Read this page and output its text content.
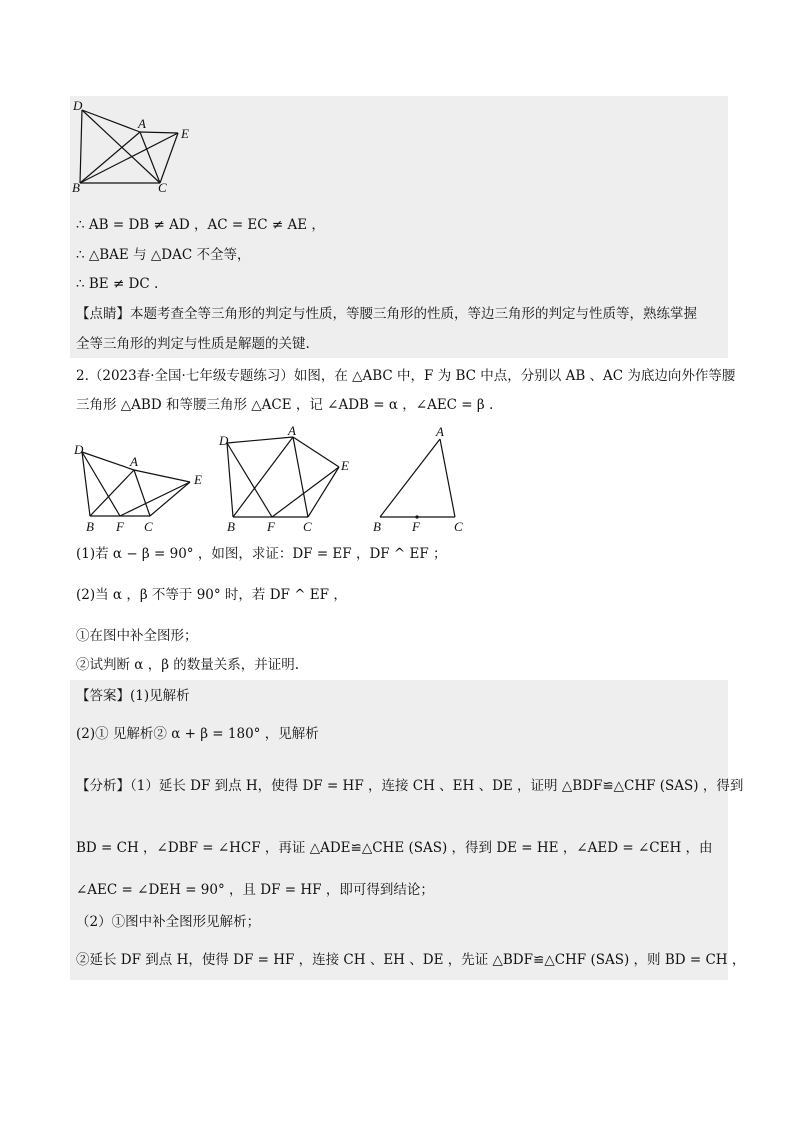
D
A
E
B	C
∴ AB = DB ≠ AD ，AC = EC ≠ AE ，
∴ △BAE 与 △DAC 不全等，
∴ BE ≠ DC .
【点睛】本题考查全等三角形的判定与性质，等腰三角形的性质，等边三角形的判定与性质等，熟练掌握
全等三角形的判定与性质是解题的关键.
2.（2023春·全国·七年级专题练习）如图，在 △ABC 中，F 为 BC 中点，分别以 AB 、AC 为底边向外作等腰
三角形 △ABD 和等腰三角形 △ACE ，记 ∠ADB = α ，∠AEC = β .
D
A
E
B F C
D
A
E
B F C
A
B F	C
(1)若 α − β = 90° ，如图，求证：DF = EF ，DF ^ EF ；
(2)当 α ，β 不等于 90° 时，若 DF ^ EF ，
①在图中补全图形；
②试判断 α ，β 的数量关系，并证明.
【答案】(1)见解析
(2)① 见解析② α + β = 180° ，见解析
【分析】（1）延长 DF 到点 H，使得 DF = HF ，连接 CH 、EH 、DE ，证明 △BDF≌△CHF (SAS) ，得到
BD = CH ，∠DBF = ∠HCF ，再证 △ADE≌△CHE (SAS) ，得到 DE = HE ，∠AED = ∠CEH ，由
∠AEC = ∠DEH = 90° ，且 DF = HF ，即可得到结论；
（2）①图中补全图形见解析；
②延长 DF 到点 H，使得 DF = HF ，连接 CH 、EH 、DE ，先证 △BDF≌△CHF (SAS) ，则 BD = CH ，
